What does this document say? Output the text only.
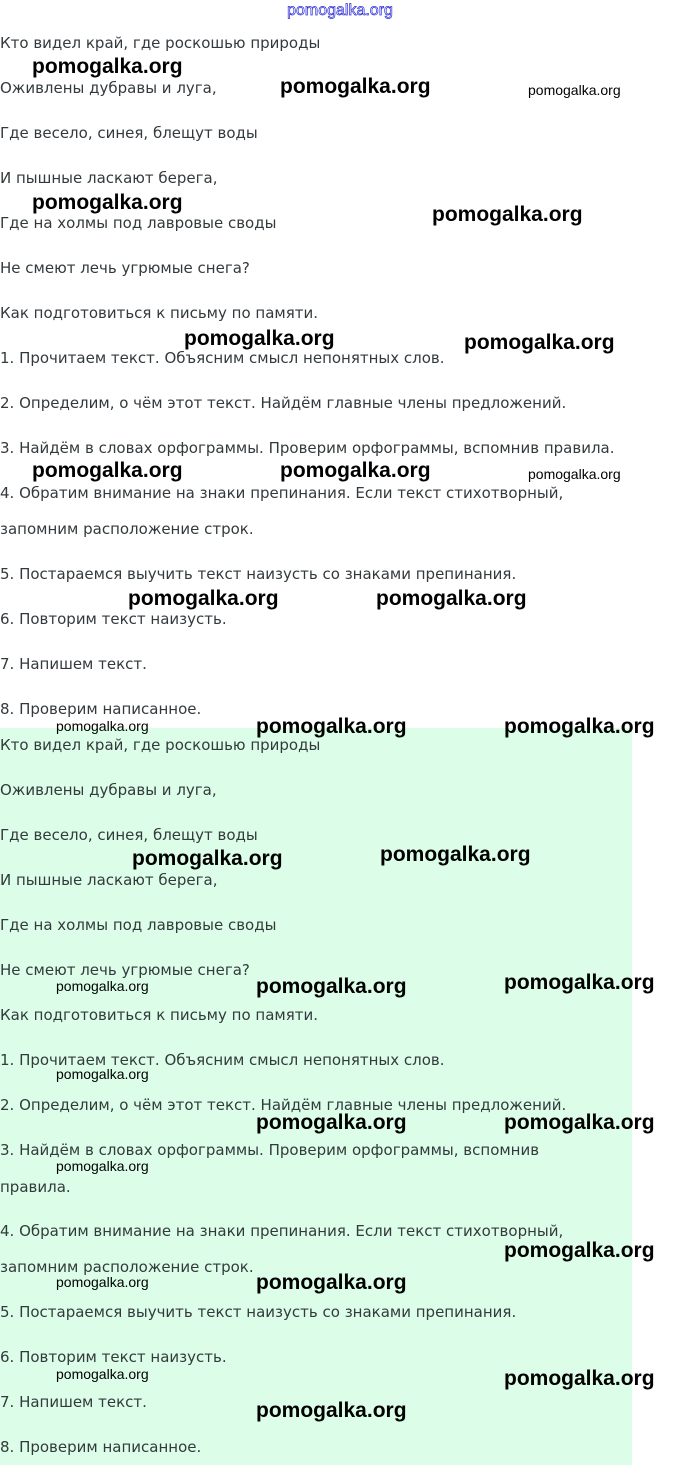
pomogalka.org
Кто видел край, где роскошью природы
Оживлены дубравы и луга,
Где весело, синея, блещут воды
И пышные ласкают берега,
Где на холмы под лавровые своды
Не смеют лечь угрюмые снега?
Как подготовиться к письму по памяти.
1. Прочитаем текст. Объясним смысл непонятных слов.
2. Определим, о чём этот текст. Найдём главные члены предложений.
3. Найдём в словах орфограммы. Проверим орфограммы, вспомнив правила.
4. Обратим внимание на знаки препинания. Если текст стихотворный,
запомним расположение строк.
5. Постараемся выучить текст наизусть со знаками препинания.
6. Повторим текст наизусть.
7. Напишем текст.
8. Проверим написанное.
Кто видел край, где роскошью природы
Оживлены дубравы и луга,
Где весело, синея, блещут воды
И пышные ласкают берега,
Где на холмы под лавровые своды
Не смеют лечь угрюмые снега?
Как подготовиться к письму по памяти.
1. Прочитаем текст. Объясним смысл непонятных слов.
2. Определим, о чём этот текст. Найдём главные члены предложений.
3. Найдём в словах орфограммы. Проверим орфограммы, вспомнив
правила.
4. Обратим внимание на знаки препинания. Если текст стихотворный,
запомним расположение строк.
5. Постараемся выучить текст наизусть со знаками препинания.
6. Повторим текст наизусть.
7. Напишем текст.
8. Проверим написанное.
pomogalka.org
pomogalka.org	pomogalka.org
pomogalka.org
pomogalka.org
pomogalka.org	pomogalka.org
pomogalka.org	pomogalka.org	pomogalka.org
pomogalka.org	pomogalka.org
pomogalka.org	pomogalka.org	pomogalka.org
pomogalka.org	pomogalka.org
pomogalka.org	pomogalka.org	pomogalka.org
pomogalka.org
pomogalka.org	pomogalka.org
pomogalka.org
pomogalka.org
pomogalka.org	pomogalka.org
pomogalka.org	pomogalka.org
pomogalka.org
